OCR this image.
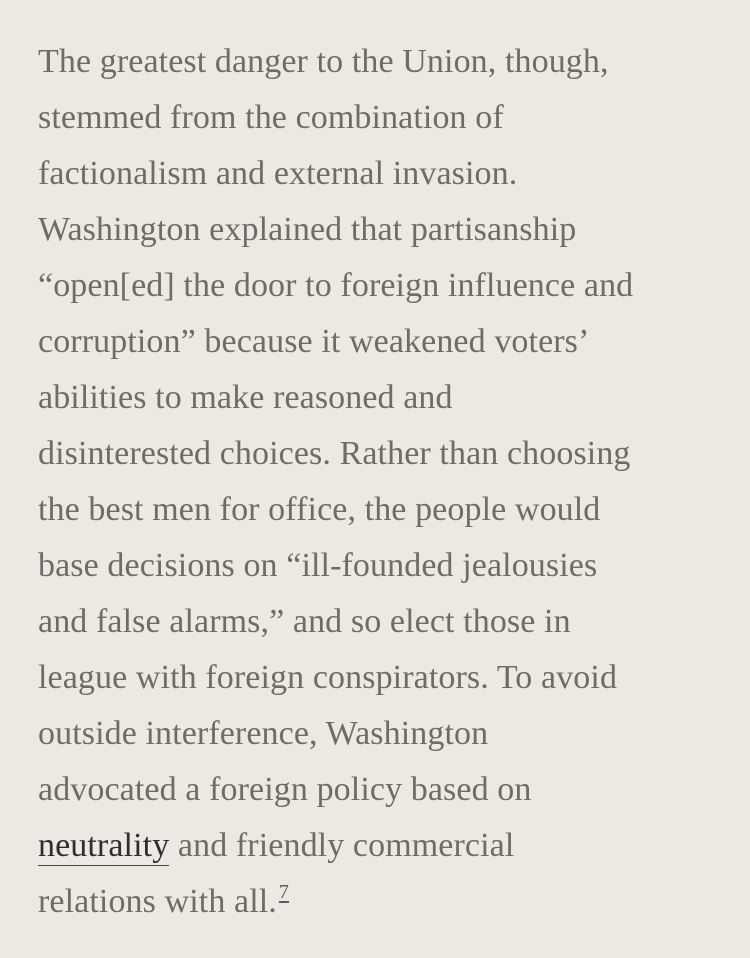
The greatest danger to the Union, though,
stemmed from the combination of
factionalism and external invasion.
Washington explained that partisanship
“open[ed] the door to foreign influence and
corruption” because it weakened voters’
abilities to make reasoned and
disinterested choices. Rather than choosing
the best men for office, the people would
base decisions on “ill-founded jealousies
and false alarms,” and so elect those in
league with foreign conspirators. To avoid
outside interference, Washington
advocated a foreign policy based on
neutrality and friendly commercial
relations with all. $^7$
